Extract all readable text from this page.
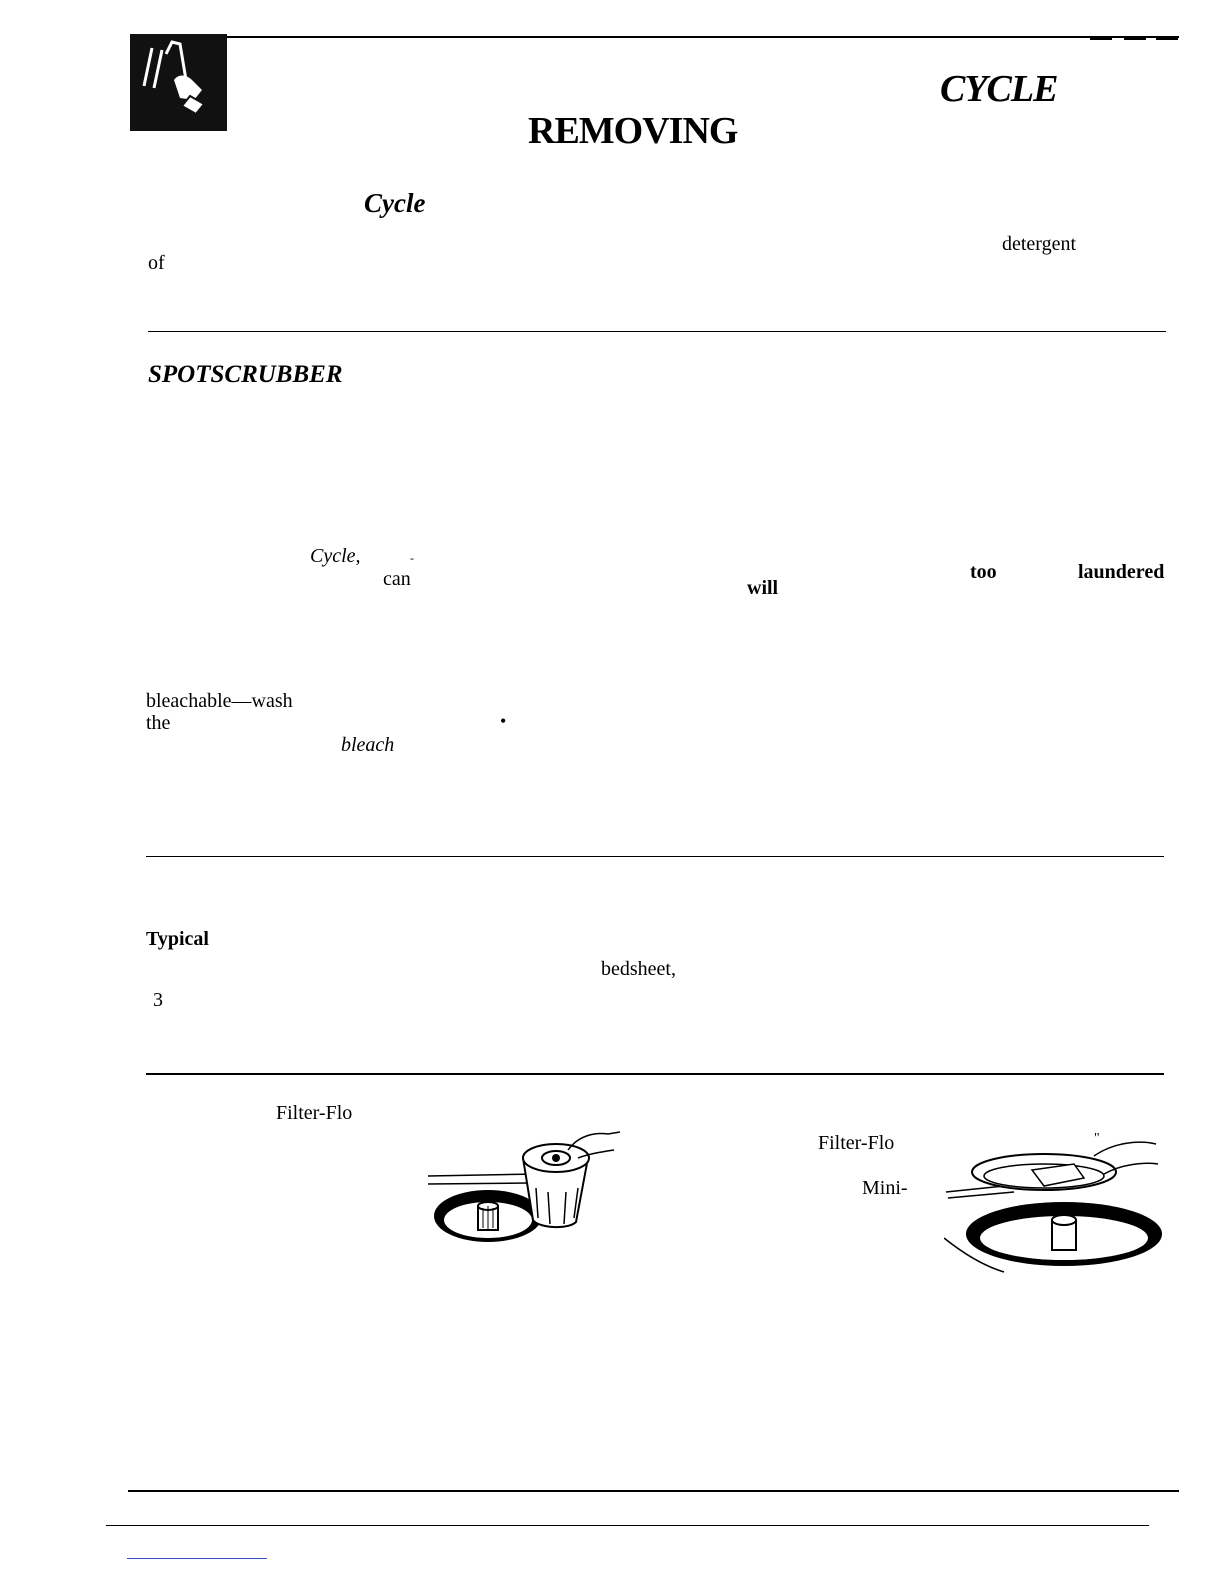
CYCLE
REMOVING
Cycle
detergent
of
SPOTSCRUBBER
Cycle,	-
can	will
too	laundered
bleachable—wash
the	•
bleach
Typical
bedsheet,
3
Filter-Flo
Filter-Flo
Mini-
"
